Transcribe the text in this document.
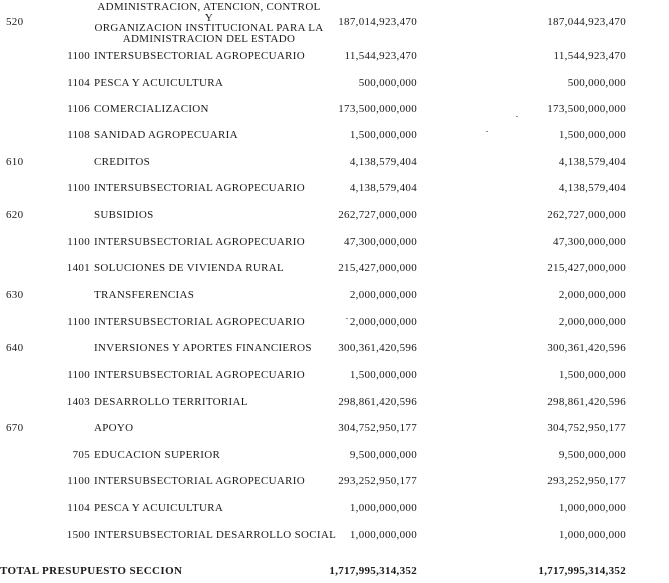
520
ADMINISTRACION, ATENCION, CONTROL Y
ORGANIZACION INSTITUCIONAL PARA LA
ADMINISTRACION DEL ESTADO
187,014,923,470	187,044,923,470
1100 INTERSUBSECTORIAL AGROPECUARIO	11,544,923,470	11,544,923,470
1104 PESCA Y ACUICULTURA	500,000,000	500,000,000
1106 COMERCIALIZACION	173,500,000,000	173,500,000,000
1108 SANIDAD AGROPECUARIA	1,500,000,000	1,500,000,000
610	CREDITOS	4,138,579,404	4,138,579,404
1100 INTERSUBSECTORIAL AGROPECUARIO	4,138,579,404	4,138,579,404
620	SUBSIDIOS	262,727,000,000	262,727,000,000
1100 INTERSUBSECTORIAL AGROPECUARIO	47,300,000,000	47,300,000,000
1401 SOLUCIONES DE VIVIENDA RURAL	215,427,000,000	215,427,000,000
630	TRANSFERENCIAS	2,000,000,000	2,000,000,000
1100 INTERSUBSECTORIAL AGROPECUARIO	2,000,000,000	2,000,000,000
640	INVERSIONES Y APORTES FINANCIEROS	300,361,420,596	300,361,420,596
1100 INTERSUBSECTORIAL AGROPECUARIO	1,500,000,000	1,500,000,000
1403 DESARROLLO TERRITORIAL	298,861,420,596	298,861,420,596
670	APOYO	304,752,950,177	304,752,950,177
705 EDUCACION SUPERIOR	9,500,000,000	9,500,000,000
1100 INTERSUBSECTORIAL AGROPECUARIO	293,252,950,177	293,252,950,177
1104 PESCA Y ACUICULTURA	1,000,000,000	1,000,000,000
1500 INTERSUBSECTORIAL DESARROLLO SOCIAL	1,000,000,000	1,000,000,000
TOTAL PRESUPUESTO SECCION	1,717,995,314,352	1,717,995,314,352
